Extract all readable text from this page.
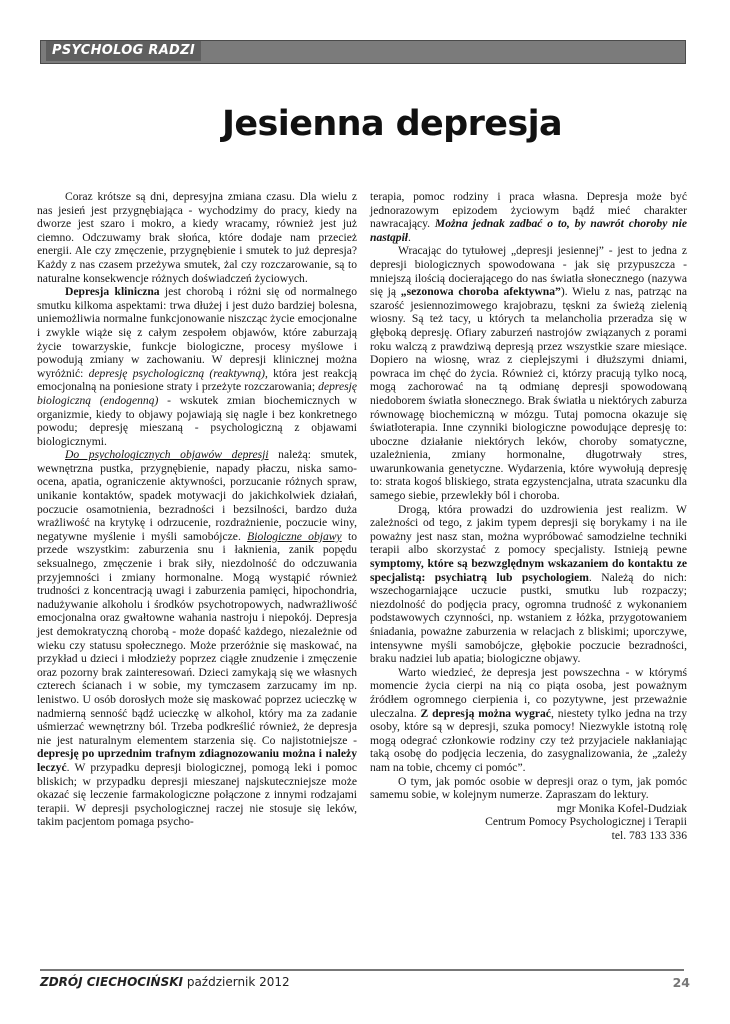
PSYCHOLOG RADZI
Jesienna depresja

Coraz krótsze są dni, depresyjna zmiana czasu. Dla wielu z nas jesień jest przygnębiająca - wychodzimy do pracy, kiedy na dworze jest szaro i mokro, a kiedy wracamy, również jest już ciemno. Odczuwamy brak słońca, które dodaje nam przecież energii. Ale czy zmęczenie, przygnębienie i smutek to już depresja? Każdy z nas czasem przeżywa smutek, żal czy rozczarowanie, są to naturalne konsekwencje różnych doświadczeń życiowych.

Depresja kliniczna jest chorobą i różni się od normalnego smutku kilkoma aspektami: trwa dłużej i jest dużo bardziej bolesna, uniemożliwia normalne funkcjonowanie niszcząc życie emocjonalne i zwykle wiąże się z całym zespołem objawów, które zaburzają życie towarzyskie, funkcje biologiczne, procesy myślowe i powodują zmiany w zachowaniu. W depresji klinicznej można wyróżnić: depresję psychologiczną (reaktywną), która jest reakcją emocjonalną na poniesione straty i przeżyte rozczarowania; depresję biologiczną (endogenną) - wskutek zmian biochemicznych w organizmie, kiedy to objawy pojawiają się nagle i bez konkretnego powodu; depresję mieszaną - psychologiczną z objawami biologicznymi.

Do psychologicznych objawów depresji należą: smutek, wewnętrzna pustka, przygnębienie, napady płaczu, niska samo-ocena, apatia, ograniczenie aktywności, porzucanie różnych spraw, unikanie kontaktów, spadek motywacji do jakichkolwiek działań, poczucie osamotnienia, bezradności i bezsilności, bardzo duża wrażliwość na krytykę i odrzucenie, rozdrażnienie, poczucie winy, negatywne myślenie i myśli samobójcze. Biologiczne objawy to przede wszystkim: zaburzenia snu i łaknienia, zanik popędu seksualnego, zmęczenie i brak siły, niezdolność do odczuwania przyjemności i zmiany hormonalne. Mogą wystąpić również trudności z koncentracją uwagi i zaburzenia pamięci, hipochondria, nadużywanie alkoholu i środków psychotropowych, nadwrażliwość emocjonalna oraz gwałtowne wahania nastroju i niepokój. Depresja jest demokratyczną chorobą - może dopaść każdego, niezależnie od wieku czy statusu społecznego. Może przeróżnie się maskować, na przykład u dzieci i młodzieży poprzez ciągłe znudzenie i zmęczenie oraz pozorny brak zainteresowań. Dzieci zamykają się we własnych czterech ścianach i w sobie, my tymczasem zarzucamy im np. lenistwo. U osób dorosłych może się maskować poprzez ucieczkę w nadmierną senność bądź ucieczkę w alkohol, który ma za zadanie uśmierzać wewnętrzny ból. Trzeba podkreślić również, że depresja nie jest naturalnym elementem starzenia się. Co najistotniejsze - depresję po uprzednim trafnym zdiagnozowaniu można i należy leczyć. W przypadku depresji biologicznej, pomogą leki i pomoc bliskich; w przypadku depresji mieszanej najskuteczniejsze może okazać się leczenie farmakologiczne połączone z innymi rodzajami terapii. W depresji psychologicznej raczej nie stosuje się leków, takim pacjentom pomaga psycho-

terapia, pomoc rodziny i praca własna. Depresja może być jednorazowym epizodem życiowym bądź mieć charakter nawracający. Można jednak zadbać o to, by nawrót choroby nie nastąpił.

Wracając do tytułowej „depresji jesiennej” - jest to jedna z depresji biologicznych spowodowana - jak się przypuszcza - mniejszą ilością docierającego do nas światła słonecznego (nazywa się ją „sezonowa choroba afektywna”). Wielu z nas, patrząc na szarość jesiennozimowego krajobrazu, tęskni za świeżą zielenią wiosny. Są też tacy, u których ta melancholia przeradza się w głęboką depresję. Ofiary zaburzeń nastrojów związanych z porami roku walczą z prawdziwą depresją przez wszystkie szare miesiące. Dopiero na wiosnę, wraz z cieplejszymi i dłuższymi dniami, powraca im chęć do życia. Również ci, którzy pracują tylko nocą, mogą zachorować na tą odmianę depresji spowodowaną niedoborem światła słonecznego. Brak światła u niektórych zaburza równowagę biochemiczną w mózgu. Tutaj pomocna okazuje się światłoterapia. Inne czynniki biologiczne powodujące depresję to: uboczne działanie niektórych leków, choroby somatyczne, uzależnienia, zmiany hormonalne, długotrwały stres, uwarunkowania genetyczne. Wydarzenia, które wywołują depresję to: strata kogoś bliskiego, strata egzystencjalna, utrata szacunku dla samego siebie, przewlekły ból i choroba.

Drogą, która prowadzi do uzdrowienia jest realizm. W zależności od tego, z jakim typem depresji się borykamy i na ile poważny jest nasz stan, można wypróbować samodzielne techniki terapii albo skorzystać z pomocy specjalisty. Istnieją pewne symptomy, które są bezwzględnym wskazaniem do kontaktu ze specjalistą: psychiatrą lub psychologiem. Należą do nich: wszechogarniające uczucie pustki, smutku lub rozpaczy; niezdolność do podjęcia pracy, ogromna trudność z wykonaniem podstawowych czynności, np. wstaniem z łóżka, przygotowaniem śniadania, poważne zaburzenia w relacjach z bliskimi; uporczywe, intensywne myśli samobójcze, głębokie poczucie bezradności, braku nadziei lub apatia; biologiczne objawy.

Warto wiedzieć, że depresja jest powszechna - w którymś momencie życia cierpi na nią co piąta osoba, jest poważnym źródłem ogromnego cierpienia i, co pozytywne, jest przeważnie uleczalna. Z depresją można wygrać, niestety tylko jedna na trzy osoby, które są w depresji, szuka pomocy! Niezwykle istotną rolę mogą odegrać członkowie rodziny czy też przyjaciele nakłaniając taką osobę do podjęcia leczenia, do zasygnalizowania, że „zależy nam na tobie, chcemy ci pomóc”.

O tym, jak pomóc osobie w depresji oraz o tym, jak pomóc samemu sobie, w kolejnym numerze. Zapraszam do lektury.

mgr Monika Kofel-Dudziak
Centrum Pomocy Psychologicznej i Terapii
tel. 783 133 336

ZDRÓJ CIECHOCIŃSKI październik 2012	24
